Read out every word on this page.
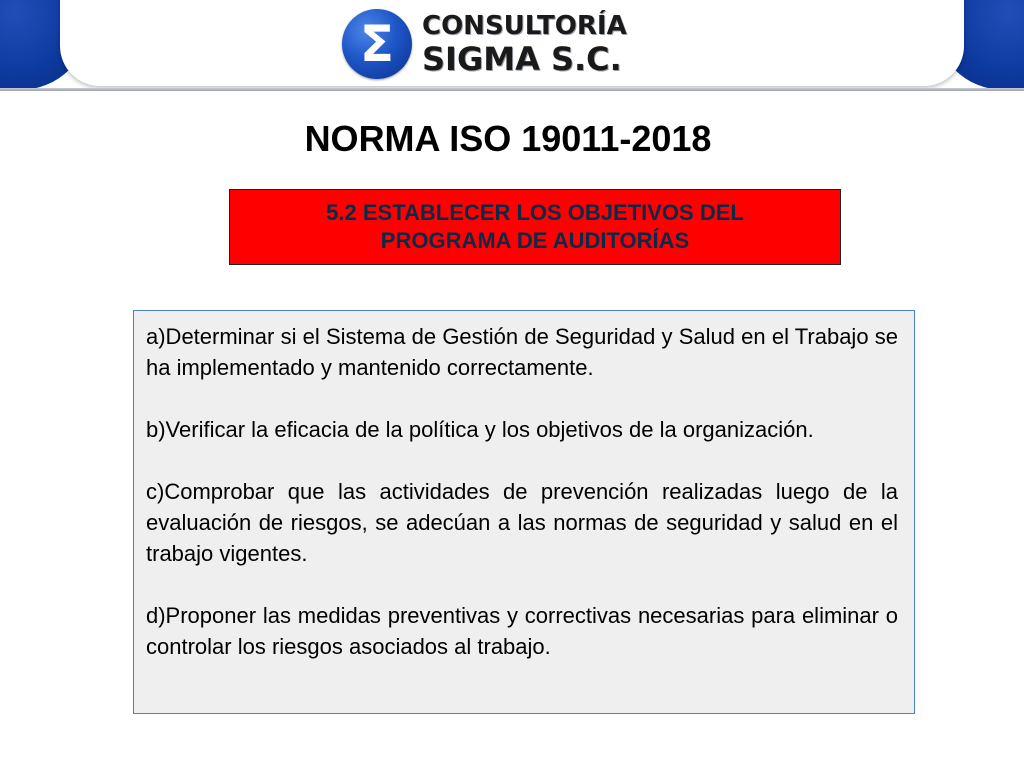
Σ CONSULTORÍA
SIGMA S.C.
NORMA ISO 19011-2018
5.2 ESTABLECER LOS OBJETIVOS DEL
PROGRAMA DE AUDITORÍAS

a)Determinar si el Sistema de Gestión de Seguridad y Salud en el Trabajo se ha implementado y mantenido correctamente.

b)Verificar la eficacia de la política y los objetivos de la organización.

c)Comprobar que las actividades de prevención realizadas luego de la evaluación de riesgos, se adecúan a las normas de seguridad y salud en el trabajo vigentes.

d)Proponer las medidas preventivas y correctivas necesarias para eliminar o controlar los riesgos asociados al trabajo.
